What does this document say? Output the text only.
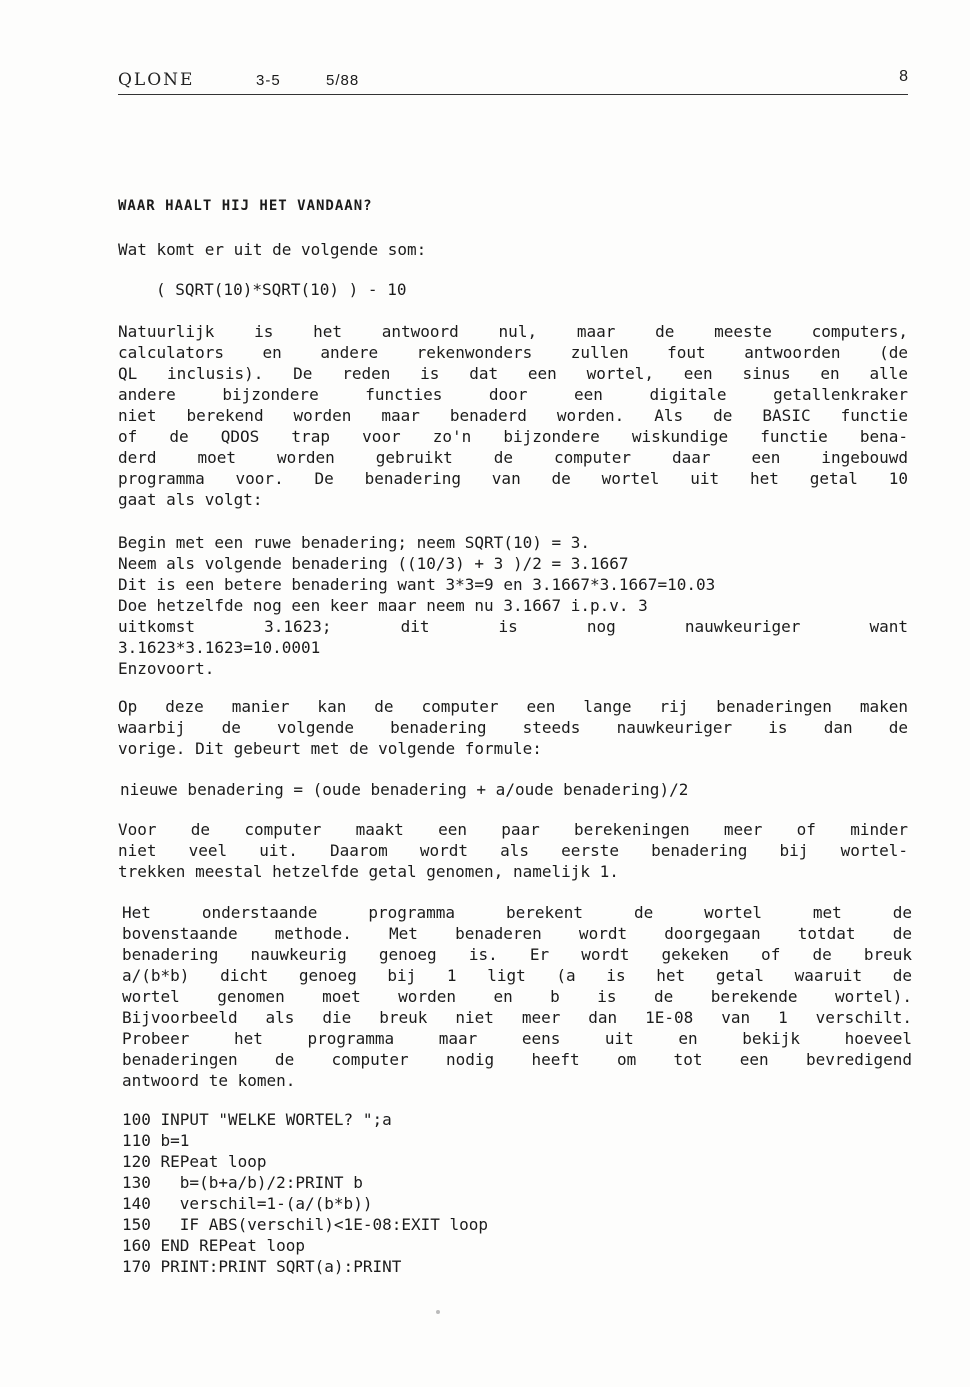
QLONE	3-5	5/88	8
WAAR HAALT HIJ HET VANDAAN?
Wat komt er uit de volgende som:
( SQRT(10)*SQRT(10) ) - 10
Natuurlijk is het antwoord nul, maar de meeste computers,
calculators en andere rekenwonders zullen fout antwoorden (de
QL inclusis). De reden is dat een wortel, een sinus en alle
andere bijzondere functies door een digitale getallenkraker
niet berekend worden maar benaderd worden. Als de BASIC functie
of de QDOS trap voor zo'n bijzondere wiskundige functie bena-
derd moet worden gebruikt de computer daar een ingebouwd
programma voor. De benadering van de wortel uit het getal 10
gaat als volgt:
Begin met een ruwe benadering; neem SQRT(10) = 3.
Neem als volgende benadering ((10/3) + 3 )/2 = 3.1667
Dit is een betere benadering want 3*3=9 en 3.1667*3.1667=10.03
Doe hetzelfde nog een keer maar neem nu 3.1667 i.p.v. 3
uitkomst 3.1623; dit is nog nauwkeuriger want
3.1623*3.1623=10.0001
Enzovoort.
Op deze manier kan de computer een lange rij benaderingen maken
waarbij de volgende benadering steeds nauwkeuriger is dan de
vorige. Dit gebeurt met de volgende formule:
nieuwe benadering = (oude benadering + a/oude benadering)/2
Voor de computer maakt een paar berekeningen meer of minder
niet veel uit. Daarom wordt als eerste benadering bij wortel-
trekken meestal hetzelfde getal genomen, namelijk 1.
Het onderstaande programma berekent de wortel met de
bovenstaande methode. Met benaderen wordt doorgegaan totdat de
benadering nauwkeurig genoeg is. Er wordt gekeken of de breuk
a/(b*b) dicht genoeg bij 1 ligt (a is het getal waaruit de
wortel genomen moet worden en b is de berekende wortel).
Bijvoorbeeld als die breuk niet meer dan 1E-08 van 1 verschilt.
Probeer het programma maar eens uit en bekijk hoeveel
benaderingen de computer nodig heeft om tot een bevredigend
antwoord te komen.
100 INPUT "WELKE WORTEL? ";a
110 b=1
120 REPeat loop
130   b=(b+a/b)/2:PRINT b
140   verschil=1-(a/(b*b))
150   IF ABS(verschil)<1E-08:EXIT loop
160 END REPeat loop
170 PRINT:PRINT SQRT(a):PRINT
